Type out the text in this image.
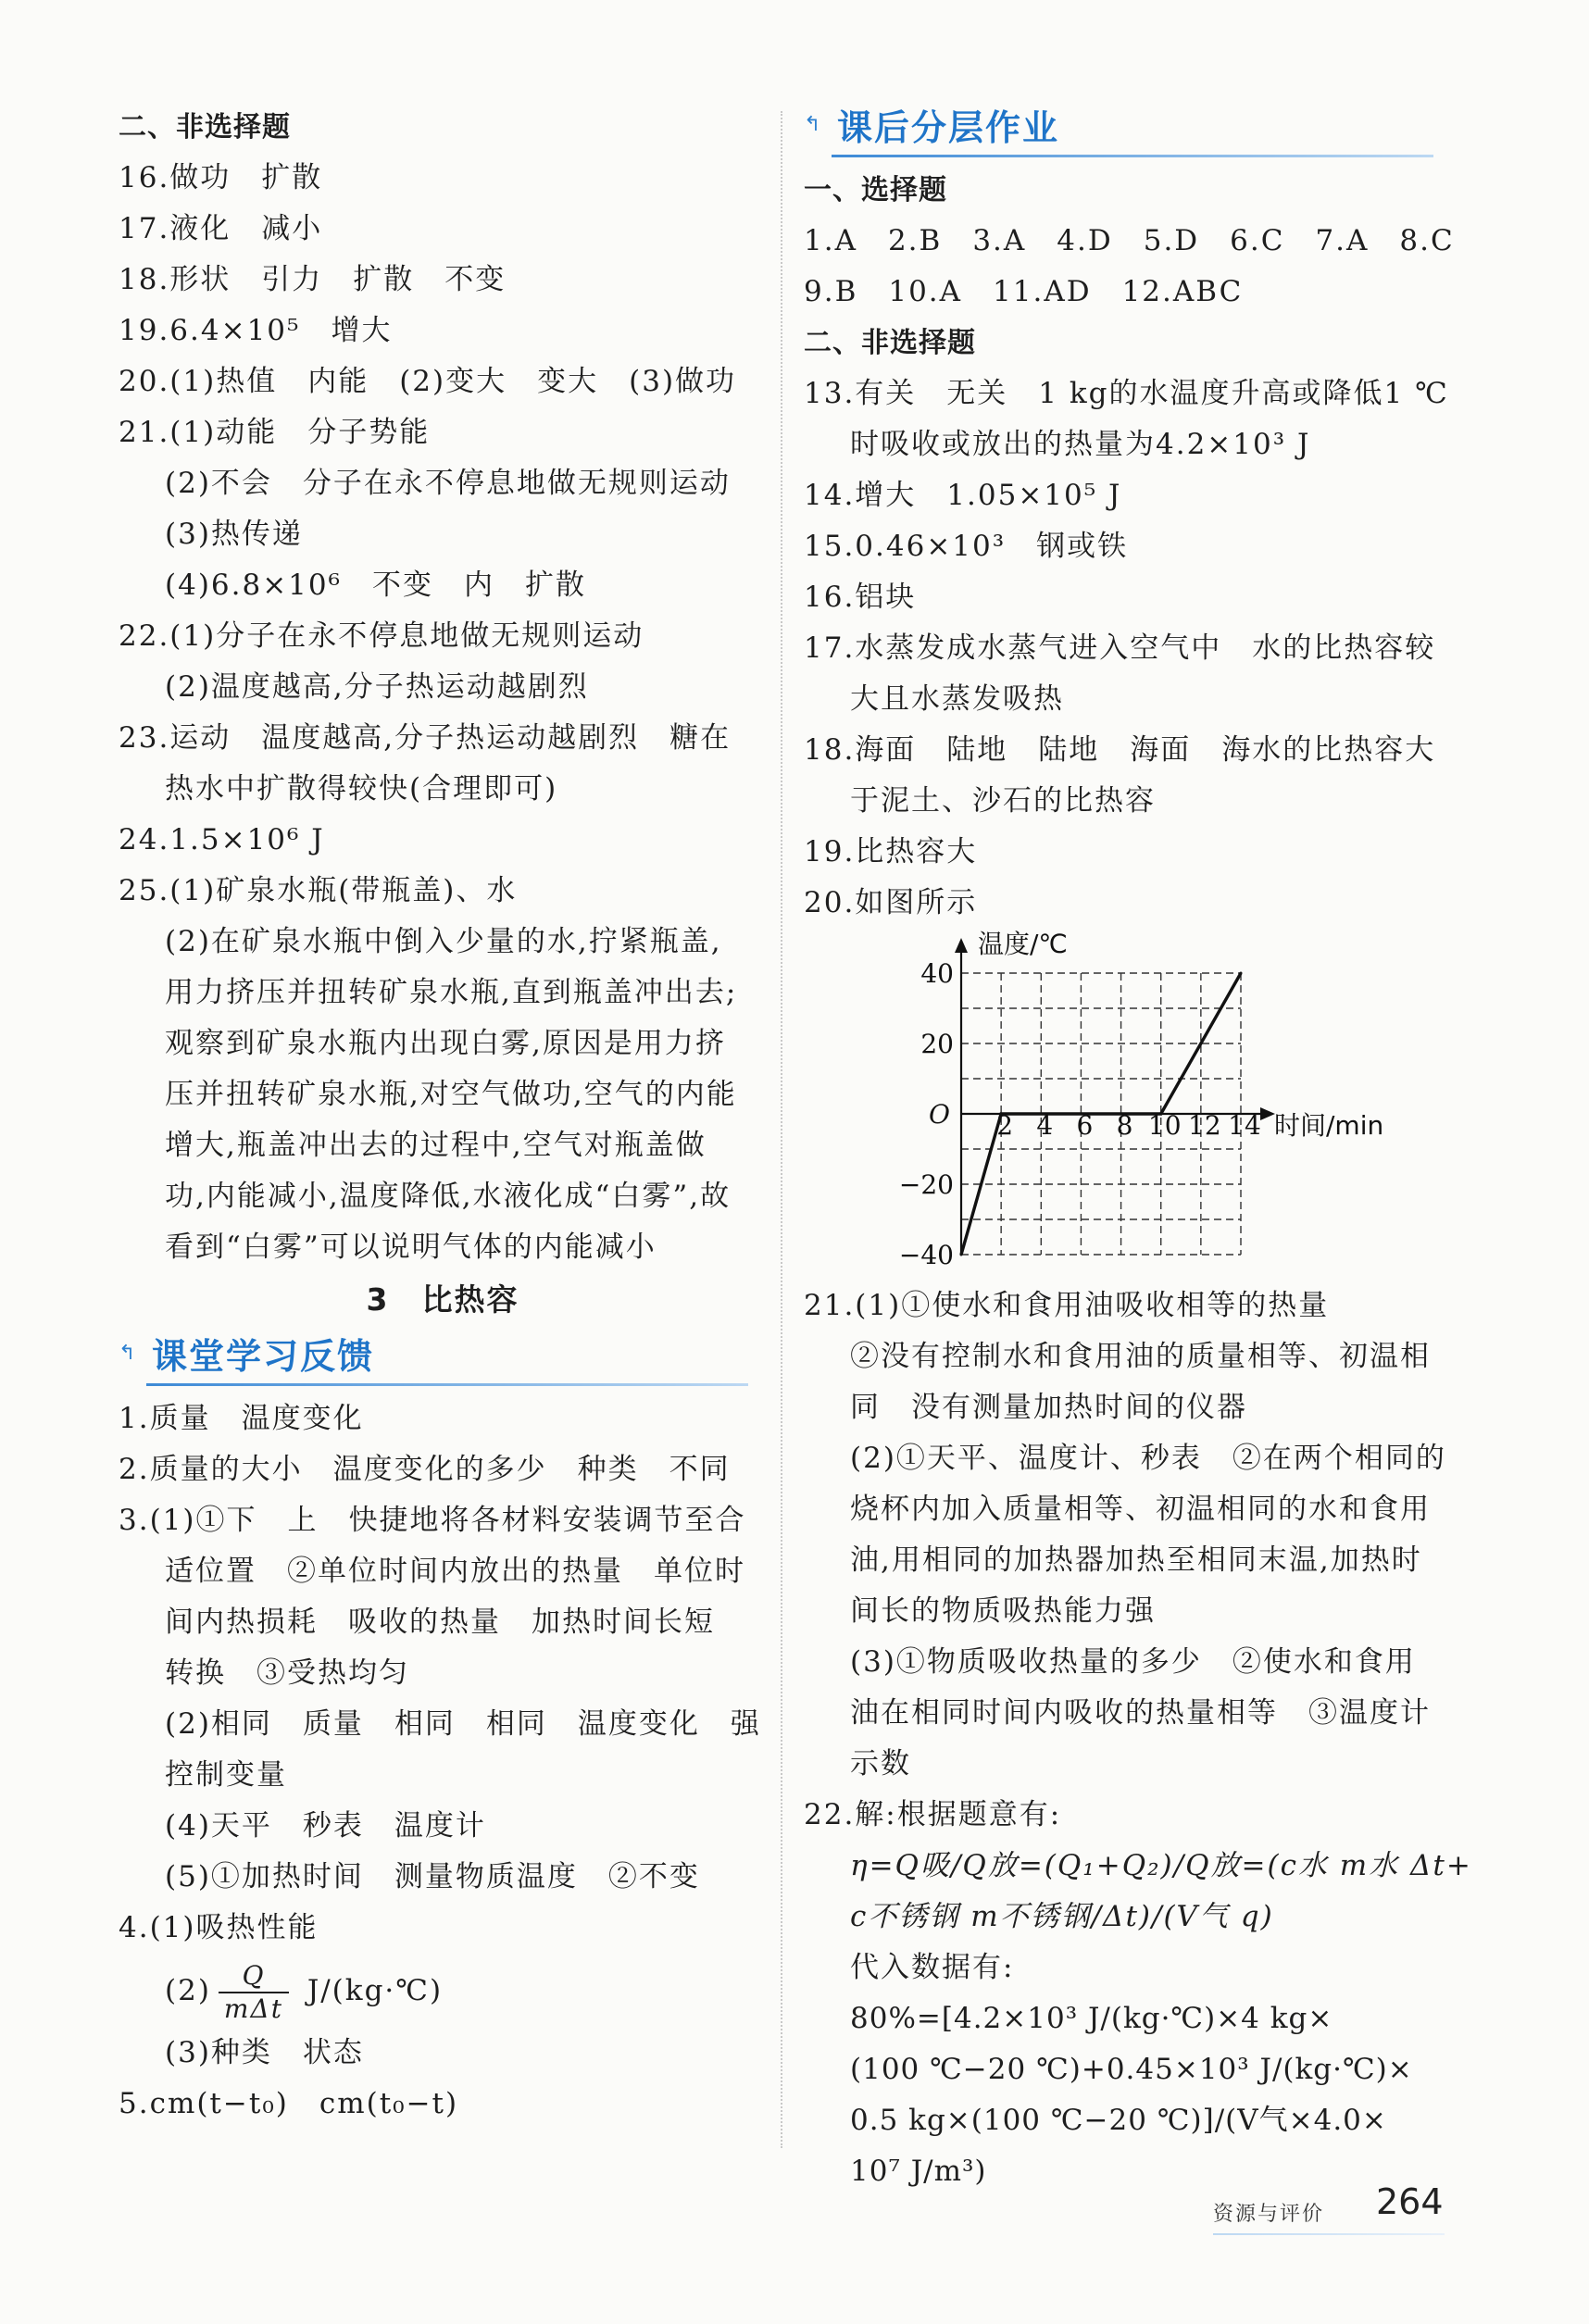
二、非选择题
16.做功　扩散
17.液化　减小
18.形状　引力　扩散　不变
19.6.4×10⁵　增大
20.(1)热值　内能　(2)变大　变大　(3)做功
21.(1)动能　分子势能
(2)不会　分子在永不停息地做无规则运动
(3)热传递
(4)6.8×10⁶　不变　内　扩散
22.(1)分子在永不停息地做无规则运动
(2)温度越高,分子热运动越剧烈
23.运动　温度越高,分子热运动越剧烈　糖在
热水中扩散得较快(合理即可)
24.1.5×10⁶ J
25.(1)矿泉水瓶(带瓶盖)、水
(2)在矿泉水瓶中倒入少量的水,拧紧瓶盖,
用力挤压并扭转矿泉水瓶,直到瓶盖冲出去;
观察到矿泉水瓶内出现白雾,原因是用力挤
压并扭转矿泉水瓶,对空气做功,空气的内能
增大,瓶盖冲出去的过程中,空气对瓶盖做
功,内能减小,温度降低,水液化成“白雾”,故
看到“白雾”可以说明气体的内能减小
3　比热容
↰ 课堂学习反馈
1.质量　温度变化
2.质量的大小　温度变化的多少　种类　不同
3.(1)①下　上　快捷地将各材料安装调节至合
适位置　②单位时间内放出的热量　单位时
间内热损耗　吸收的热量　加热时间长短
转换　③受热均匀
(2)相同　质量　相同　相同　温度变化　强
控制变量
(4)天平　秒表　温度计
(5)①加热时间　测量物质温度　②不变
4.(1)吸热性能
$(2) \frac{Q}{\text{mΔt}}$ J/(kg·℃)
(3)种类　状态
5.cm(t−t₀)　cm(t₀−t)
↰ 课后分层作业
一、选择题
1.A　2.B　3.A　4.D　5.D　6.C　7.A　8.C
9.B　10.A　11.AD　12.ABC
二、非选择题
13.有关　无关　1 kg的水温度升高或降低1 ℃
时吸收或放出的热量为4.2×10³ J
14.增大　1.05×10⁵ J
15.0.46×10³　钢或铁
16.铝块
17.水蒸发成水蒸气进入空气中　水的比热容较
大且水蒸发吸热
18.海面　陆地　陆地　海面　海水的比热容大
于泥土、沙石的比热容
19.比热容大
20.如图所示
2 4 6 8 10 12 14
40
20
−20
−40
O
温度/℃
时间/min
21.(1)①使水和食用油吸收相等的热量
②没有控制水和食用油的质量相等、初温相
同　没有测量加热时间的仪器
(2)①天平、温度计、秒表　②在两个相同的
烧杯内加入质量相等、初温相同的水和食用
油,用相同的加热器加热至相同末温,加热时
间长的物质吸热能力强
(3)①物质吸收热量的多少　②使水和食用
油在相同时间内吸收的热量相等　③温度计
示数
22.解:根据题意有:
η=Q吸/Q放=(Q₁+Q₂)/Q放=(c水 m水 Δt+
c不锈钢 m不锈钢/Δt)/(V气 q)
代入数据有:
80%=[4.2×10³ J/(kg·℃)×4 kg×
(100 ℃−20 ℃)+0.45×10³ J/(kg·℃)×
0.5 kg×(100 ℃−20 ℃)]/(V气×4.0×
10⁷ J/m³)
资源与评价 264
